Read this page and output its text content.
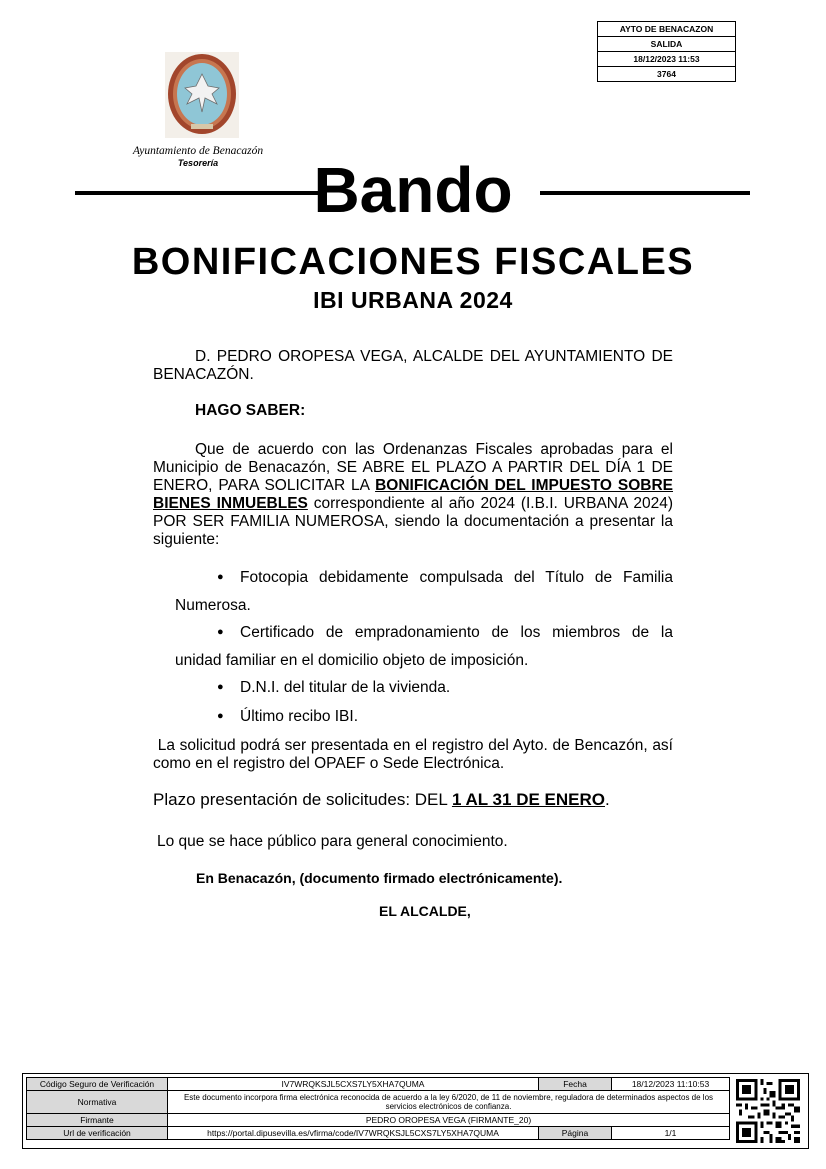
AYTO DE BENACAZON
SALIDA
18/12/2023 11:53
3764
Ayuntamiento de Benacazón
Tesorería	Bando
BONIFICACIONES FISCALES
IBI URBANA 2024
D. PEDRO OROPESA VEGA, ALCALDE DEL AYUNTAMIENTO DE BENACAZÓN.
HAGO SABER:
Que de acuerdo con las Ordenanzas Fiscales aprobadas para el Municipio de Benacazón, SE ABRE EL PLAZO A PARTIR DEL DÍA 1 DE ENERO, PARA SOLICITAR LA BONIFICACIÓN DEL IMPUESTO SOBRE BIENES INMUEBLES correspondiente al año 2024 (I.B.I. URBANA 2024) POR SER FAMILIA NUMEROSA, siendo la documentación a presentar la siguiente:
● Fotocopia debidamente compulsada del Título de Familia
Numerosa.
● Certificado de empradonamiento de los miembros de la
unidad familiar en el domicilio objeto de imposición.
● D.N.I. del titular de la vivienda.
● Último recibo IBI.
La solicitud podrá ser presentada en el registro del Ayto. de Bencazón, así como en el registro del OPAEF o Sede Electrónica.
Plazo presentación de solicitudes: DEL 1 AL 31 DE ENERO.
Lo que se hace público para general conocimiento.
En Benacazón, (documento firmado electrónicamente).
EL ALCALDE,
Código Seguro de Verificación	IV7WRQKSJL5CXS7LY5XHA7QUMA	Fecha	18/12/2023 11:10:53
Normativa	Este documento incorpora firma electrónica reconocida de acuerdo a la ley 6/2020, de 11 de noviembre, reguladora de determinados aspectos de los servicios electrónicos de confianza.		
Firmante	PEDRO OROPESA VEGA (FIRMANTE_20)		
Url de verificación	https://portal.dipusevilla.es/vfirma/code/IV7WRQKSJL5CXS7LY5XHA7QUMA	Página	1/1
